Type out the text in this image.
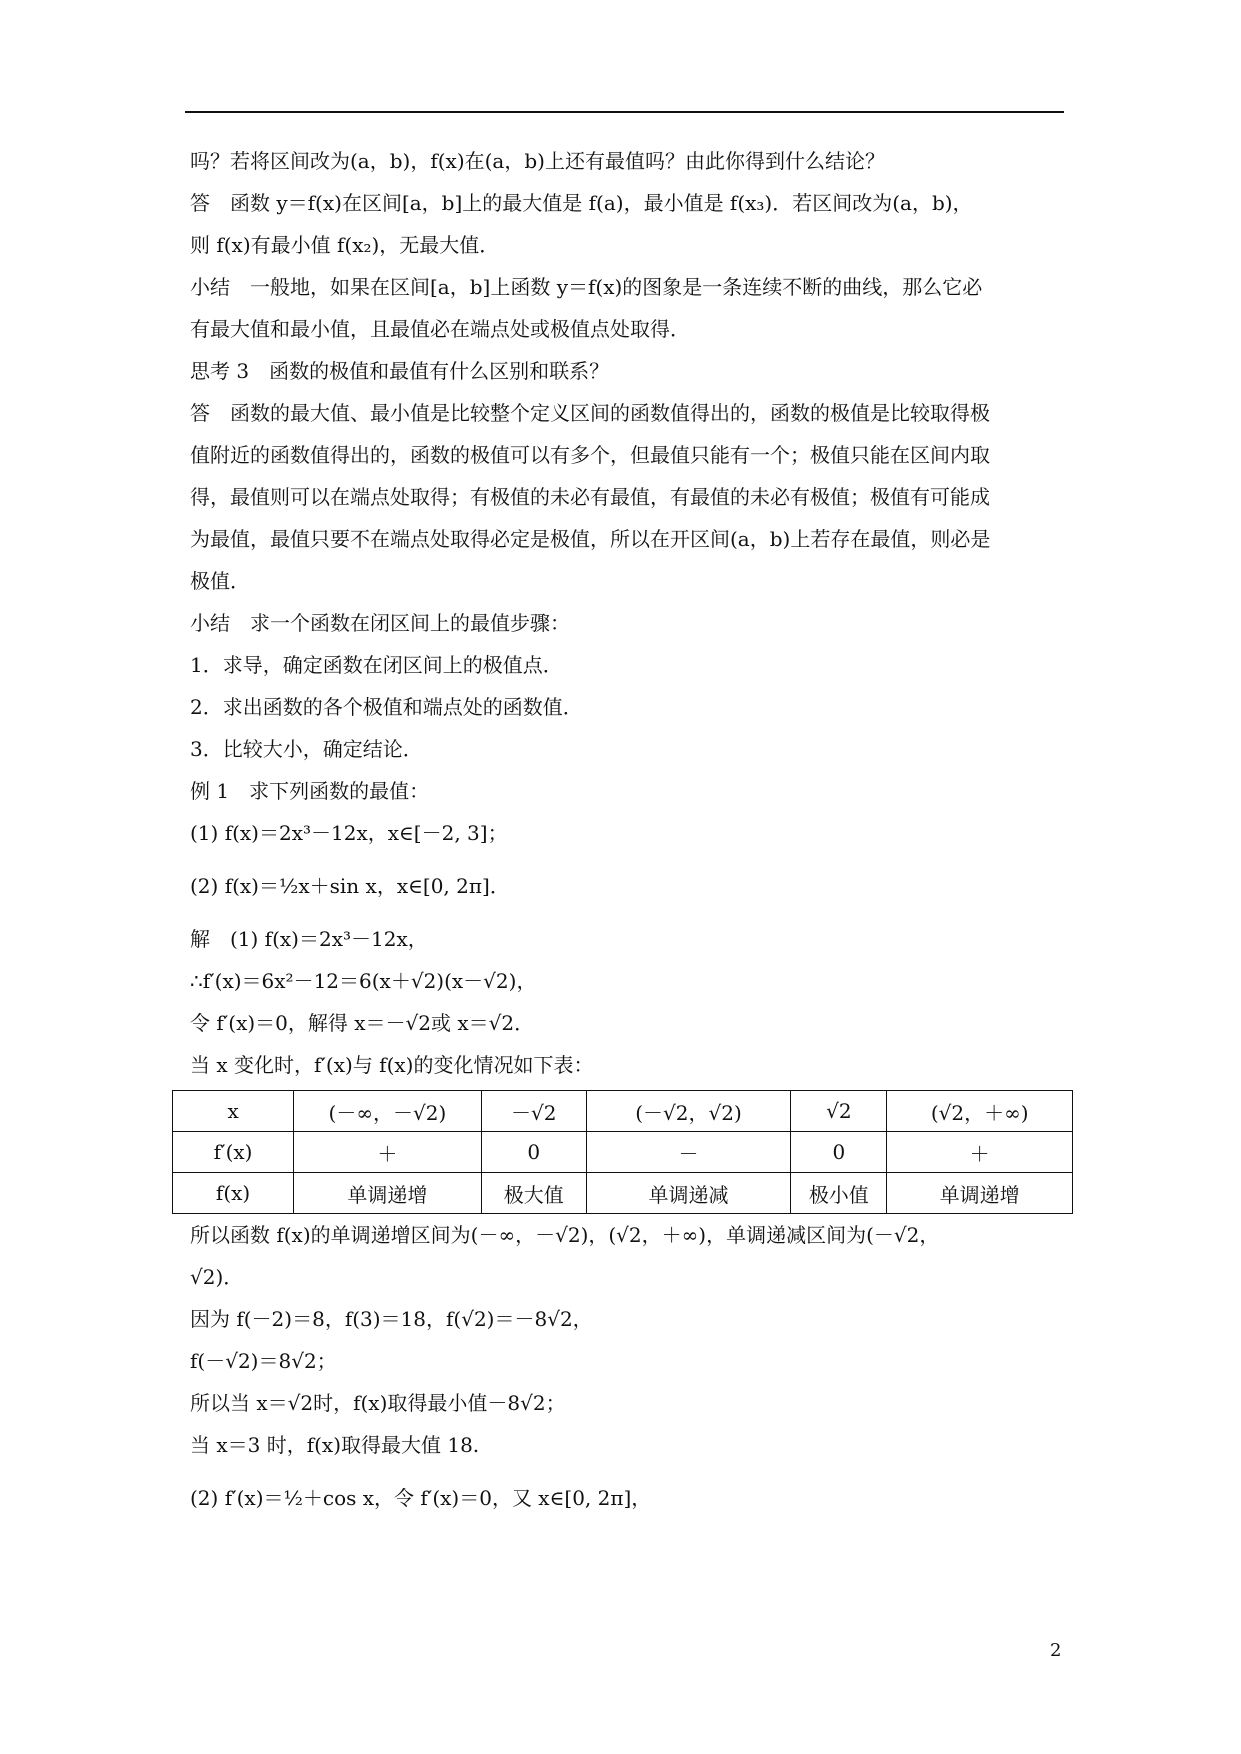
吗？若将区间改为(a，b)，f(x)在(a，b)上还有最值吗？由此你得到什么结论？
答　函数 y＝f(x)在区间[a，b]上的最大值是 f(a)，最小值是 f(x₃)．若区间改为(a，b)，
则 f(x)有最小值 f(x₂)，无最大值．
小结　一般地，如果在区间[a，b]上函数 y＝f(x)的图象是一条连续不断的曲线，那么它必
有最大值和最小值，且最值必在端点处或极值点处取得．
思考 3　函数的极值和最值有什么区别和联系？
答　函数的最大值、最小值是比较整个定义区间的函数值得出的，函数的极值是比较取得极
值附近的函数值得出的，函数的极值可以有多个，但最值只能有一个；极值只能在区间内取
得，最值则可以在端点处取得；有极值的未必有最值，有最值的未必有极值；极值有可能成
为最值，最值只要不在端点处取得必定是极值，所以在开区间(a，b)上若存在最值，则必是
极值．
小结　求一个函数在闭区间上的最值步骤：
1．求导，确定函数在闭区间上的极值点．
2．求出函数的各个极值和端点处的函数值．
3．比较大小，确定结论．
例 1　求下列函数的最值：
(1) f(x)＝2x³－12x，x∈[－2, 3]；
(2) f(x)＝½x＋sin x，x∈[0, 2π]．
解　(1) f(x)＝2x³－12x，
∴f′(x)＝6x²－12＝6(x＋√2)(x－√2)，
令 f′(x)＝0，解得 x＝－√2或 x＝√2．
当 x 变化时，f′(x)与 f(x)的变化情况如下表：
x	(－∞，－√2)	－√2	(－√2，√2)	√2	(√2，＋∞)
f′(x)	＋	0	－	0	＋
f(x)	单调递增	极大值	单调递减	极小值	单调递增
所以函数 f(x)的单调递增区间为(－∞，－√2)，(√2，＋∞)，单调递减区间为(－√2，
√2)．
因为 f(－2)＝8，f(3)＝18，f(√2)＝－8√2，
f(－√2)＝8√2；
所以当 x＝√2时，f(x)取得最小值－8√2；
当 x＝3 时，f(x)取得最大值 18.
(2) f′(x)＝½＋cos x，令 f′(x)＝0，又 x∈[0, 2π]，
2
